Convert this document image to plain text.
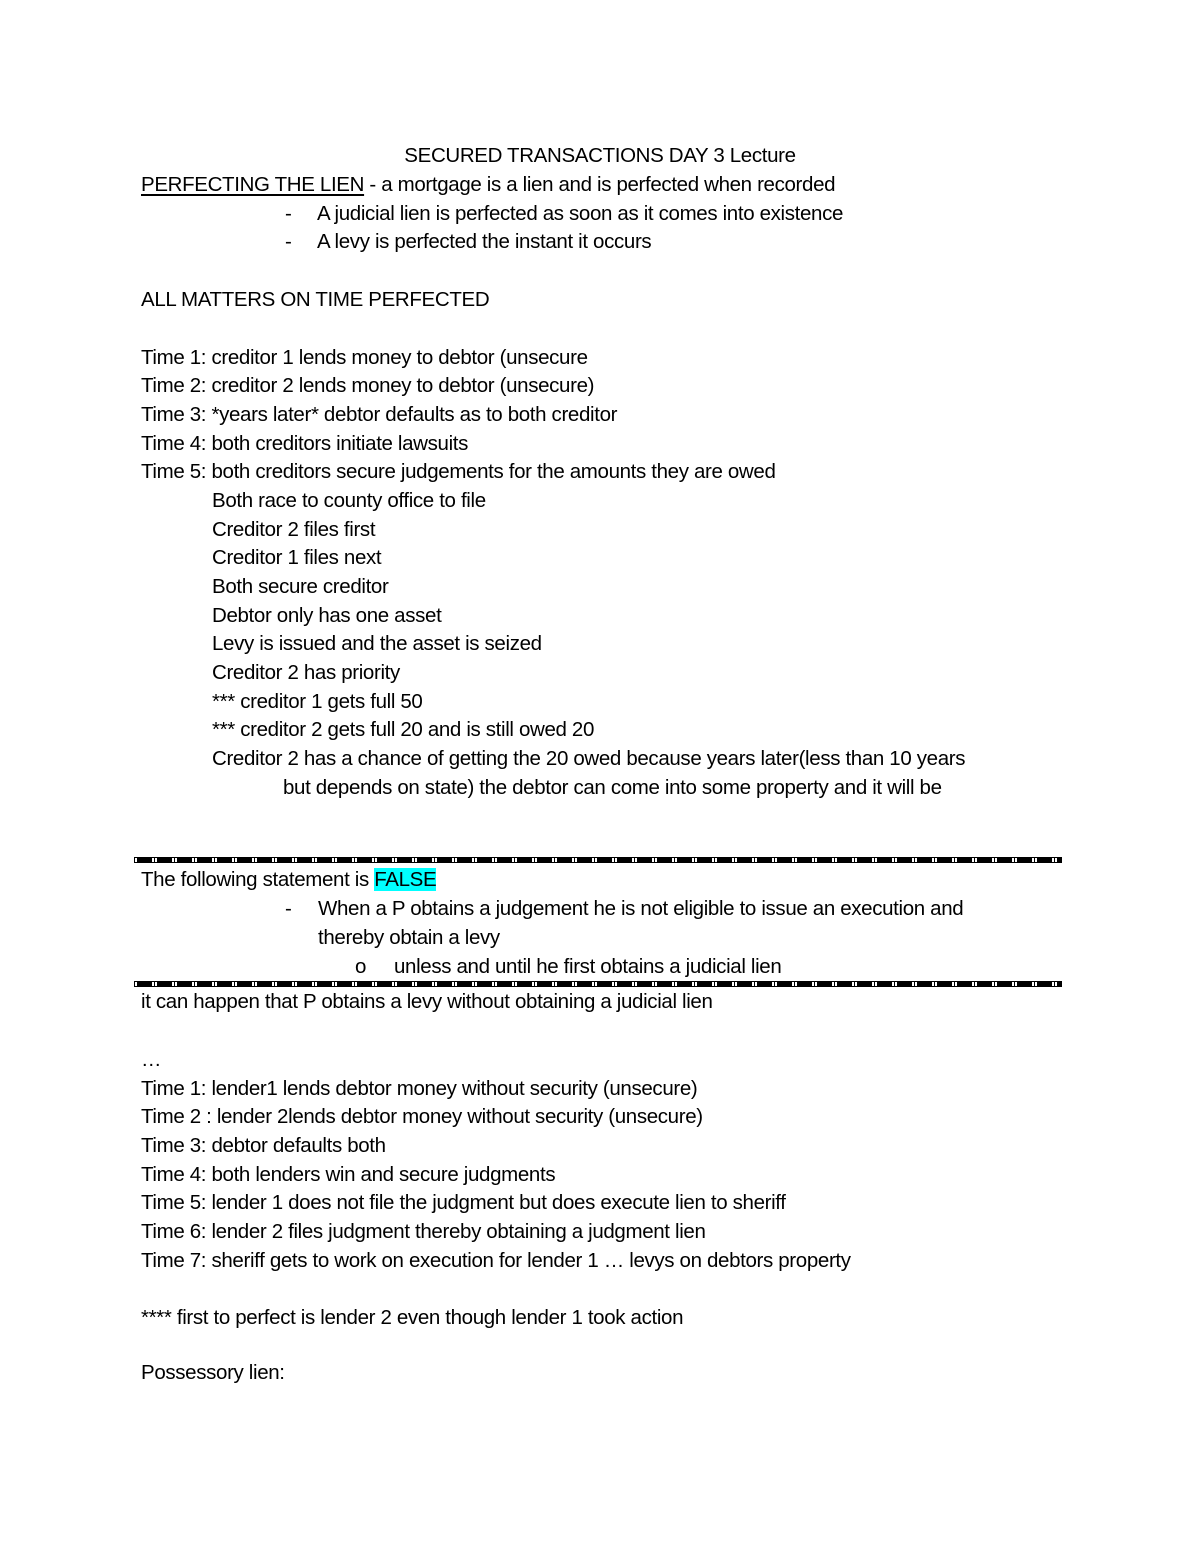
SECURED TRANSACTIONS DAY 3 Lecture
PERFECTING THE LIEN - a mortgage is a lien and is perfected when recorded
- A judicial lien is perfected as soon as it comes into existence
- A levy is perfected the instant it occurs
ALL MATTERS ON TIME PERFECTED
Time 1: creditor 1 lends money to debtor (unsecure
Time 2: creditor 2 lends money to debtor (unsecure)
Time 3: *years later* debtor defaults as to both creditor
Time 4: both creditors initiate lawsuits
Time 5: both creditors secure judgements for the amounts they are owed
Both race to county office to file
Creditor 2 files first
Creditor 1 files next
Both secure creditor
Debtor only has one asset
Levy is issued and the asset is seized
Creditor 2 has priority
*** creditor 1 gets full 50
*** creditor 2 gets full 20 and is still owed 20
Creditor 2 has a chance of getting the 20 owed because years later(less than 10 years
but depends on state) the debtor can come into some property and it will be
The following statement is FALSE
- When a P obtains a judgement he is not eligible to issue an execution and
thereby obtain a levy
o unless and until he first obtains a judicial lien
it can happen that P obtains a levy without obtaining a judicial lien
…
Time 1: lender1 lends debtor money without security (unsecure)
Time 2 : lender 2lends debtor money without security (unsecure)
Time 3: debtor defaults both
Time 4: both lenders win and secure judgments
Time 5: lender 1 does not file the judgment but does execute lien to sheriff
Time 6: lender 2 files judgment thereby obtaining a judgment lien
Time 7: sheriff gets to work on execution for lender 1 … levys on debtors property
**** first to perfect is lender 2 even though lender 1 took action
Possessory lien:
